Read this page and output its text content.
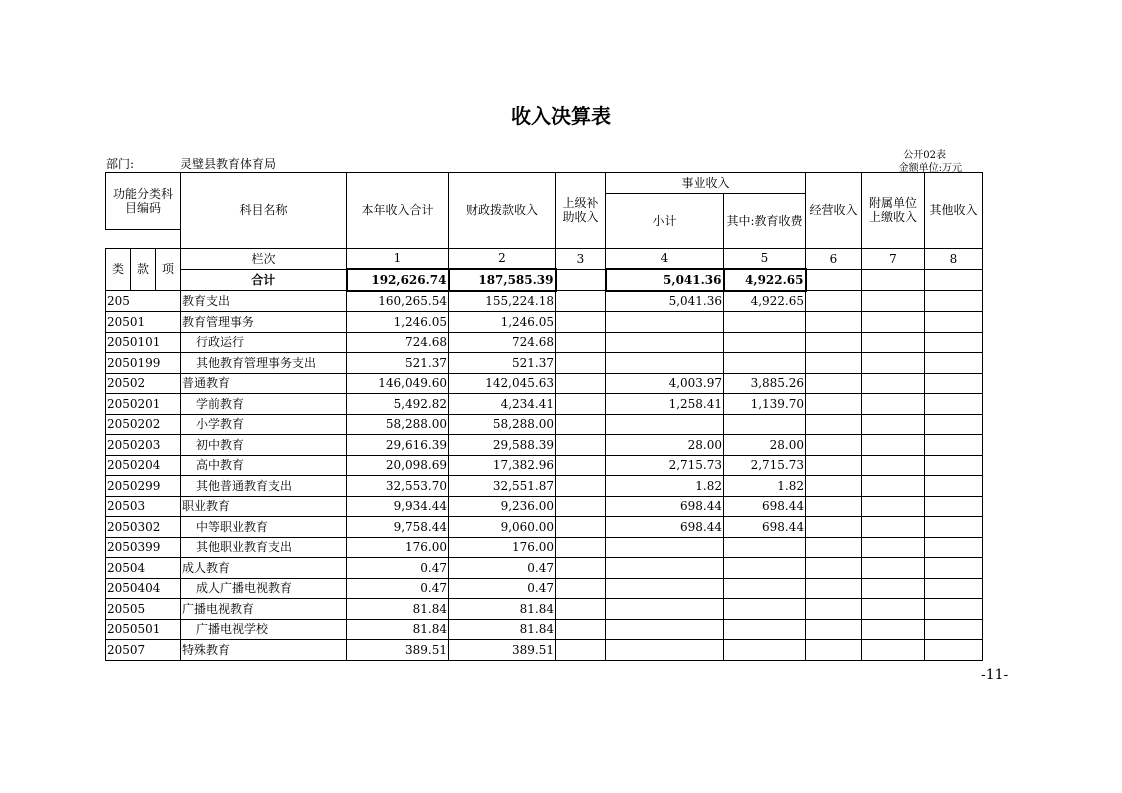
收入决算表
部门:	灵璧县教育体育局
公开02表
金额单位:万元
功能分类科目编码			科目名称	本年收入合计	财政拨款收入	上级补助收入	事业收入		经营收入	附属单位上缴收入	其他收入
							小计	其中:教育收费			

类	款	项	栏次	1	2	3	4	5	6	7	8
			合计	192,626.74	187,585.39		5,041.36	4,922.65			
205			教育支出	160,265.54	155,224.18		5,041.36	4,922.65			
20501			教育管理事务	1,246.05	1,246.05						
2050101			行政运行	724.68	724.68						
2050199			其他教育管理事务支出	521.37	521.37						
20502			普通教育	146,049.60	142,045.63		4,003.97	3,885.26			
2050201			学前教育	5,492.82	4,234.41		1,258.41	1,139.70			
2050202			小学教育	58,288.00	58,288.00						
2050203			初中教育	29,616.39	29,588.39		28.00	28.00			
2050204			高中教育	20,098.69	17,382.96		2,715.73	2,715.73			
2050299			其他普通教育支出	32,553.70	32,551.87		1.82	1.82			
20503			职业教育	9,934.44	9,236.00		698.44	698.44			
2050302			中等职业教育	9,758.44	9,060.00		698.44	698.44			
2050399			其他职业教育支出	176.00	176.00						
20504			成人教育	0.47	0.47						
2050404			成人广播电视教育	0.47	0.47						
20505			广播电视教育	81.84	81.84						
2050501			广播电视学校	81.84	81.84						
20507			特殊教育	389.51	389.51						
-11-
